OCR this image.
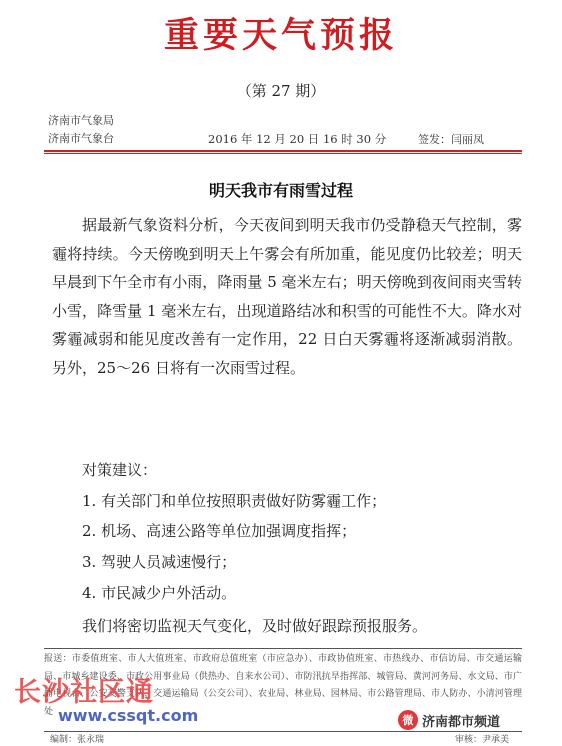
重要天气预报
（第 27 期）
济南市气象局
济南市气象台	2016 年 12 月 20 日 16 时 30 分	签发：闫丽凤
明天我市有雨雪过程
据最新气象资料分析，今天夜间到明天我市仍受静稳天气控制，雾霾将持续。今天傍晚到明天上午雾会有所加重，能见度仍比较差；明天早晨到下午全市有小雨，降雨量 5 毫米左右；明天傍晚到夜间雨夹雪转小雪，降雪量 1 毫米左右，出现道路结冰和积雪的可能性不大。降水对雾霾减弱和能见度改善有一定作用，22 日白天雾霾将逐渐减弱消散。另外，25～26 日将有一次雨雪过程。
对策建议：
1. 有关部门和单位按照职责做好防雾霾工作；
2. 机场、高速公路等单位加强调度指挥；
3. 驾驶人员减速慢行；
4. 市民减少户外活动。
我们将密切监视天气变化，及时做好跟踪预报服务。
报送：市委值班室、市人大值班室、市政府总值班室（市应急办）、市政协值班室、市热线办、市信访局、市交通运输局、市城乡建设委、市政公用事业局（供热办、自来水公司）、市防汛抗旱指挥部、城管局、黄河河务局、水文局、市广播电视台、公安交警支队、交通运输局（公交公司）、农业局、林业局、园林局、市公路管理局、市人防办、小清河管理处
编制：张永瑞	审核：尹承美
长沙社区通
www.cssqt.com	微 济南都市频道
